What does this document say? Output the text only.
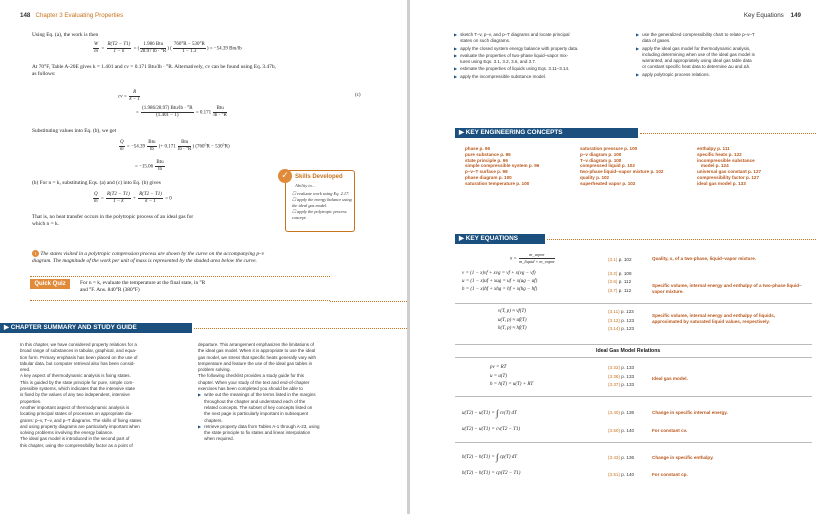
148 Chapter 3 Evaluating Properties
Using Eq. (a), the work is then
$\frac{W}{m} = \frac{R(T2 - T1)}{1 - n}$ = ( $\frac{\text{1.986 Btu}}{28.97 lb \cdot ^\circ R}$ ) ( $\frac{760^\circ R - 530^\circ R}{1 - 1.3}$ ) = −54.39 Btu/lb
At 70°F, Table A-20E gives k = 1.401 and cv = 0.171 Btu/lb · °R. Alternatively, cv can be found using Eq. 3.47b,
as follows:
cv = $\frac{R}{k - 1}$
= $\frac{\text{(1.986/28.97) Btu/lb · °R}}{(1.401 - 1)} = 0.171 \frac{\text{Btu}}{lb \cdot ^\circ R}$
(c)
Substituting values into Eq. (b), we get
$\frac{Q}{m} = -54.39 \frac{\text{Btu}}{lb}$ (+ $0.171 \frac{\text{Btu}}{lb \cdot ^\circ R}$ ) (760°R − 530°R)
= $-15.06 \frac{\text{Btu}}{lb}$
(b) For n = k, substituting Eqs. (a) and (c) into Eq. (b) gives
$\frac{Q}{m} = \frac{R(T2 - T1)}{1 - k} + \frac{R(T2 - T1)}{k - 1} = 0$
That is, no heat transfer occurs in the polytropic process of an ideal gas for
which n = k.
✓	Skills Developed
Ability to...
☐ evaluate work using Eq. 2.17.
☐ apply the energy balance using the ideal gas model.
☐ apply the polytropic process concept.
1 The states visited in a polytropic compression process are shown by the curve on the accompanying p–v
diagram. The magnitude of the work per unit of mass is represented by the shaded area below the curve.
Quick Quiz	For n = k, evaluate the temperature at the final state, in °R
and °F. Ans. 840°R (380°F)
▶ CHAPTER SUMMARY AND STUDY GUIDE
In this chapter, we have considered property relations for a
broad range of substances in tabular, graphical, and equa-
tion form. Primary emphasis has been placed on the use of
tabular data, but computer retrieval also has been consid-
ered.
A key aspect of thermodynamic analysis is fixing states.
This is guided by the state principle for pure, simple com-
pressible systems, which indicates that the intensive state
is fixed by the values of any two independent, intensive
properties.
Another important aspect of thermodynamic analysis is
locating principal states of processes on appropriate dia-
grams: p–v, T–v, and p–T diagrams. The skills of fixing states
and using property diagrams are particularly important when
solving problems involving the energy balance.
The ideal gas model is introduced in the second part of
this chapter, using the compressibility factor as a point of
departure. This arrangement emphasizes the limitations of
the ideal gas model. When it is appropriate to use the ideal
gas model, we stress that specific heats generally vary with
temperature and feature the use of the ideal gas tables in
problem solving.
The following checklist provides a study guide for this
chapter. When your study of the text and end-of-chapter
exercises has been completed you should be able to
▶ write out the meanings of the terms listed in the margins
throughout the chapter and understand each of the
related concepts. The subset of key concepts listed on
the next page is particularly important in subsequent
chapters.
▶ retrieve property data from Tables A-1 through A-23, using
the state principle to fix states and linear interpolation
when required.
Key Equations 149
▶ sketch T–v, p–v, and p–T diagrams and locate principal
states on such diagrams.
▶ apply the closed system energy balance with property data.
▶ evaluate the properties of two-phase liquid–vapor mix-
tures using Eqs. 3.1, 3.2, 3.6, and 3.7.
▶ estimate the properties of liquids using Eqs. 3.11–3.14.
▶ apply the incompressible substance model.
▶ use the generalized compressibility chart to relate p–v–T
data of gases.
▶ apply the ideal gas model for thermodynamic analysis,
including determining when use of the ideal gas model is
warranted, and appropriately using ideal gas table data
or constant specific heat data to determine Δu and Δh.
▶ apply polytropic process relations.
▶ KEY ENGINEERING CONCEPTS
phase p. 96
pure substance p. 96
state principle p. 96
simple compressible system p. 96
p–v–T surface p. 98
phase diagram p. 100
saturation temperature p. 100
saturation pressure p. 100
p–v diagram p. 100
T–v diagram p. 100
compressed liquid p. 102
two-phase liquid–vapor mixture p. 102
quality p. 102
superheated vapor p. 102
enthalpy p. 111
specific heats p. 122
incompressible substance
model p. 124
universal gas constant p. 127
compressibility factor p. 127
ideal gas model p. 133
▶ KEY EQUATIONS
$x = \frac{\text{m\_vapor}}{\text{m\_liquid + m\_vapor}}$
v = (1 − x)vf + xvg = vf + x(vg − vf)
u = (1 − x)uf + xug = uf + x(ug − uf)
h = (1 − x)hf + xhg = hf + x(hg − hf)
(3.1) p. 102
(3.2) p. 108
(3.6) p. 112
(3.7) p. 112
Quality, x, of a two-phase, liquid–vapor mixture.
Specific volume, internal energy and enthalpy of a two-phase liquid–vapor mixture.
v(T, p) ≈ vf(T)
u(T, p) ≈ uf(T)
h(T, p) ≈ hf(T)
(3.11) p. 123
(3.12) p. 123
(3.14) p. 123
Specific volume, internal energy and enthalpy of liquids, approximated by saturated liquid values, respectively.
Ideal Gas Model Relations
pv = RT
u = u(T)
h = h(T) = u(T) + RT
(3.32) p. 133
(3.36) p. 133
(3.37) p. 133
Ideal gas model.
u(T2) − u(T1) = ∫ cv(T) dT
u(T2) − u(T1) = cv(T2 − T1)
(3.40) p. 136
(3.50) p. 140
Change in specific internal energy.
For constant cv.
h(T2) − h(T1) = ∫ cp(T) dT
h(T2) − h(T1) = cp(T2 − T1)
(3.43) p. 136
(3.51) p. 140
Change in specific enthalpy.
For constant cp.
